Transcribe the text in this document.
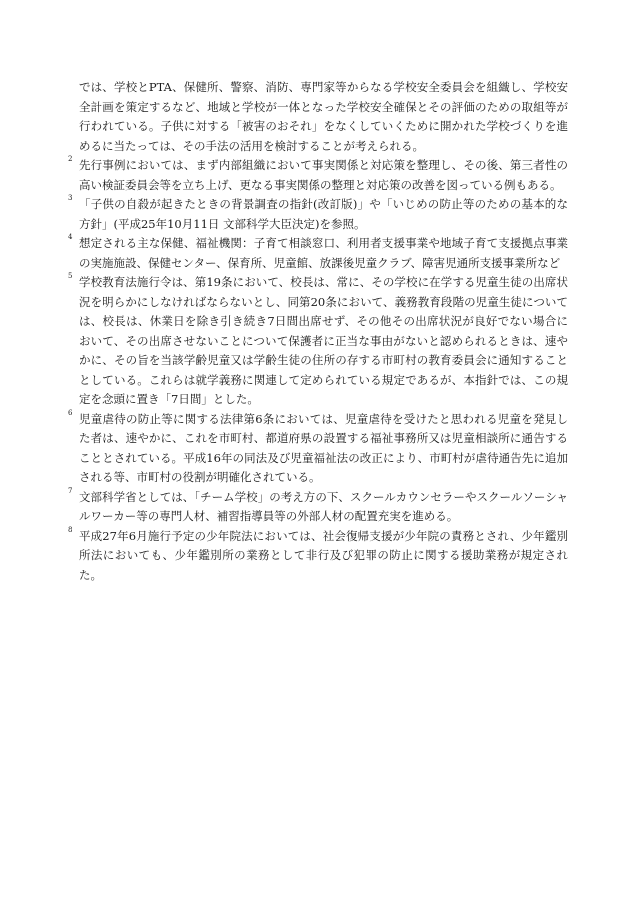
では、学校とPTA、保健所、警察、消防、専門家等からなる学校安全委員会を組織し、学校安全計画を策定するなど、地域と学校が一体となった学校安全確保とその評価のための取組等が行われている。子供に対する「被害のおそれ」をなくしていくために開かれた学校づくりを進めるに当たっては、その手法の活用を検討することが考えられる。
2 先行事例においては、まず内部組織において事実関係と対応策を整理し、その後、第三者性の高い検証委員会等を立ち上げ、更なる事実関係の整理と対応策の改善を図っている例もある。
3 「子供の自殺が起きたときの背景調査の指針(改訂版)」や「いじめの防止等のための基本的な方針」(平成25年10月11日 文部科学大臣決定)を参照。
4 想定される主な保健、福祉機関：子育て相談窓口、利用者支援事業や地域子育て支援拠点事業の実施施設、保健センター、保育所、児童館、放課後児童クラブ、障害児通所支援事業所など
5 学校教育法施行令は、第19条において、校長は、常に、その学校に在学する児童生徒の出席状況を明らかにしなければならないとし、同第20条において、義務教育段階の児童生徒については、校長は、休業日を除き引き続き7日間出席せず、その他その出席状況が良好でない場合において、その出席させないことについて保護者に正当な事由がないと認められるときは、速やかに、その旨を当該学齢児童又は学齢生徒の住所の存する市町村の教育委員会に通知することとしている。これらは就学義務に関連して定められている規定であるが、本指針では、この規定を念頭に置き「7日間」とした。
6 児童虐待の防止等に関する法律第6条においては、児童虐待を受けたと思われる児童を発見した者は、速やかに、これを市町村、都道府県の設置する福祉事務所又は児童相談所に通告することとされている。平成16年の同法及び児童福祉法の改正により、市町村が虐待通告先に追加される等、市町村の役割が明確化されている。
7 文部科学省としては、「チーム学校」の考え方の下、スクールカウンセラーやスクールソーシャルワーカー等の専門人材、補習指導員等の外部人材の配置充実を進める。
8 平成27年6月施行予定の少年院法においては、社会復帰支援が少年院の責務とされ、少年鑑別所法においても、少年鑑別所の業務として非行及び犯罪の防止に関する援助業務が規定された。
